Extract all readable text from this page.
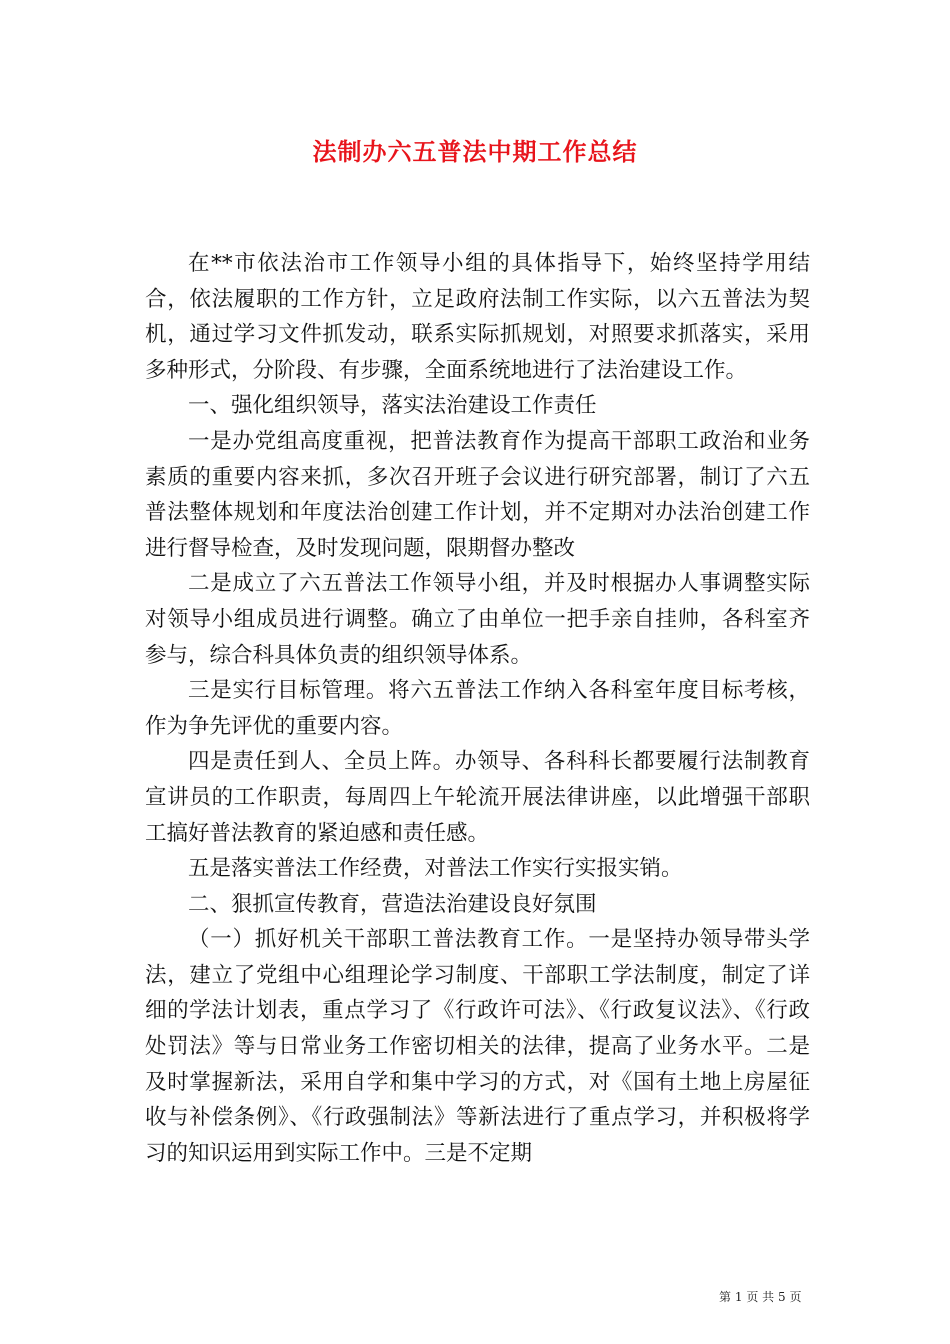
法制办六五普法中期工作总结

在**市依法治市工作领导小组的具体指导下，始终坚持学用结合，依法履职的工作方针，立足政府法制工作实际，以六五普法为契机，通过学习文件抓发动，联系实际抓规划，对照要求抓落实，采用多种形式，分阶段、有步骤，全面系统地进行了法治建设工作。

一、强化组织领导，落实法治建设工作责任

一是办党组高度重视，把普法教育作为提高干部职工政治和业务素质的重要内容来抓，多次召开班子会议进行研究部署，制订了六五普法整体规划和年度法治创建工作计划，并不定期对办法治创建工作进行督导检查，及时发现问题，限期督办整改

二是成立了六五普法工作领导小组，并及时根据办人事调整实际对领导小组成员进行调整。确立了由单位一把手亲自挂帅，各科室齐参与，综合科具体负责的组织领导体系。

三是实行目标管理。将六五普法工作纳入各科室年度目标考核，作为争先评优的重要内容。

四是责任到人、全员上阵。办领导、各科科长都要履行法制教育宣讲员的工作职责，每周四上午轮流开展法律讲座，以此增强干部职工搞好普法教育的紧迫感和责任感。

五是落实普法工作经费，对普法工作实行实报实销。

二、狠抓宣传教育，营造法治建设良好氛围

（一）抓好机关干部职工普法教育工作。一是坚持办领导带头学法，建立了党组中心组理论学习制度、干部职工学法制度，制定了详细的学法计划表，重点学习了《行政许可法》、《行政复议法》、《行政处罚法》等与日常业务工作密切相关的法律，提高了业务水平。二是及时掌握新法，采用自学和集中学习的方式，对《国有土地上房屋征收与补偿条例》、《行政强制法》等新法进行了重点学习，并积极将学习的知识运用到实际工作中。三是不定期

第 1 页 共 5 页
